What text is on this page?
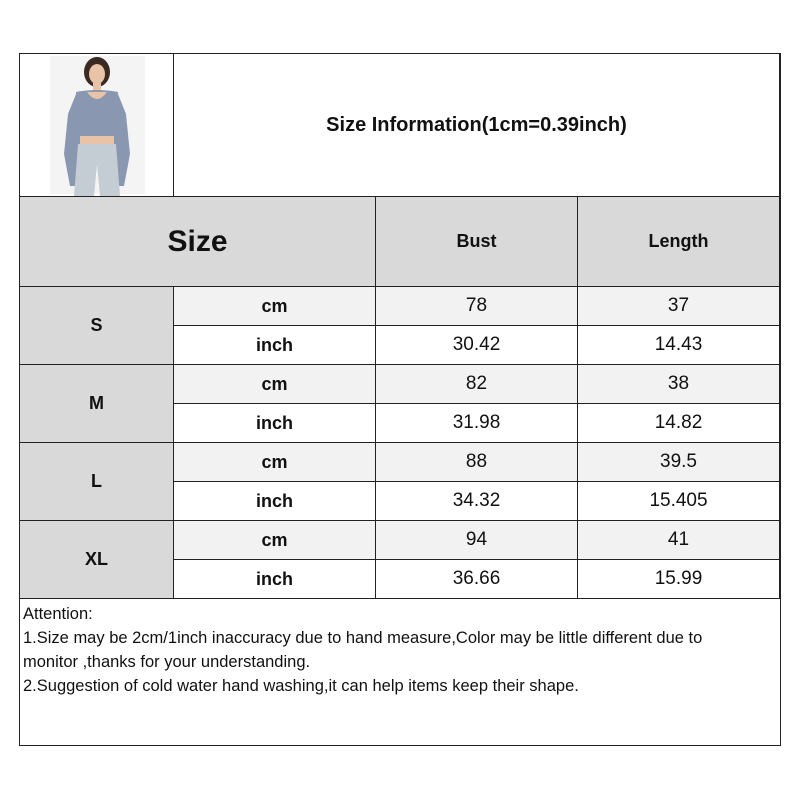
Size Information(1cm=0.39inch)
Size	Bust	Length
S
cm	78	37
inch	30.42	14.43
M
cm	82	38
inch	31.98	14.82
L
cm	88	39.5
inch	34.32	15.405
XL
cm	94	41
inch	36.66	15.99
Attention:
1.Size may be 2cm/1inch inaccuracy due to hand measure,Color may be little different due to
monitor ,thanks for your understanding.
2.Suggestion of cold water hand washing,it can help items keep their shape.
